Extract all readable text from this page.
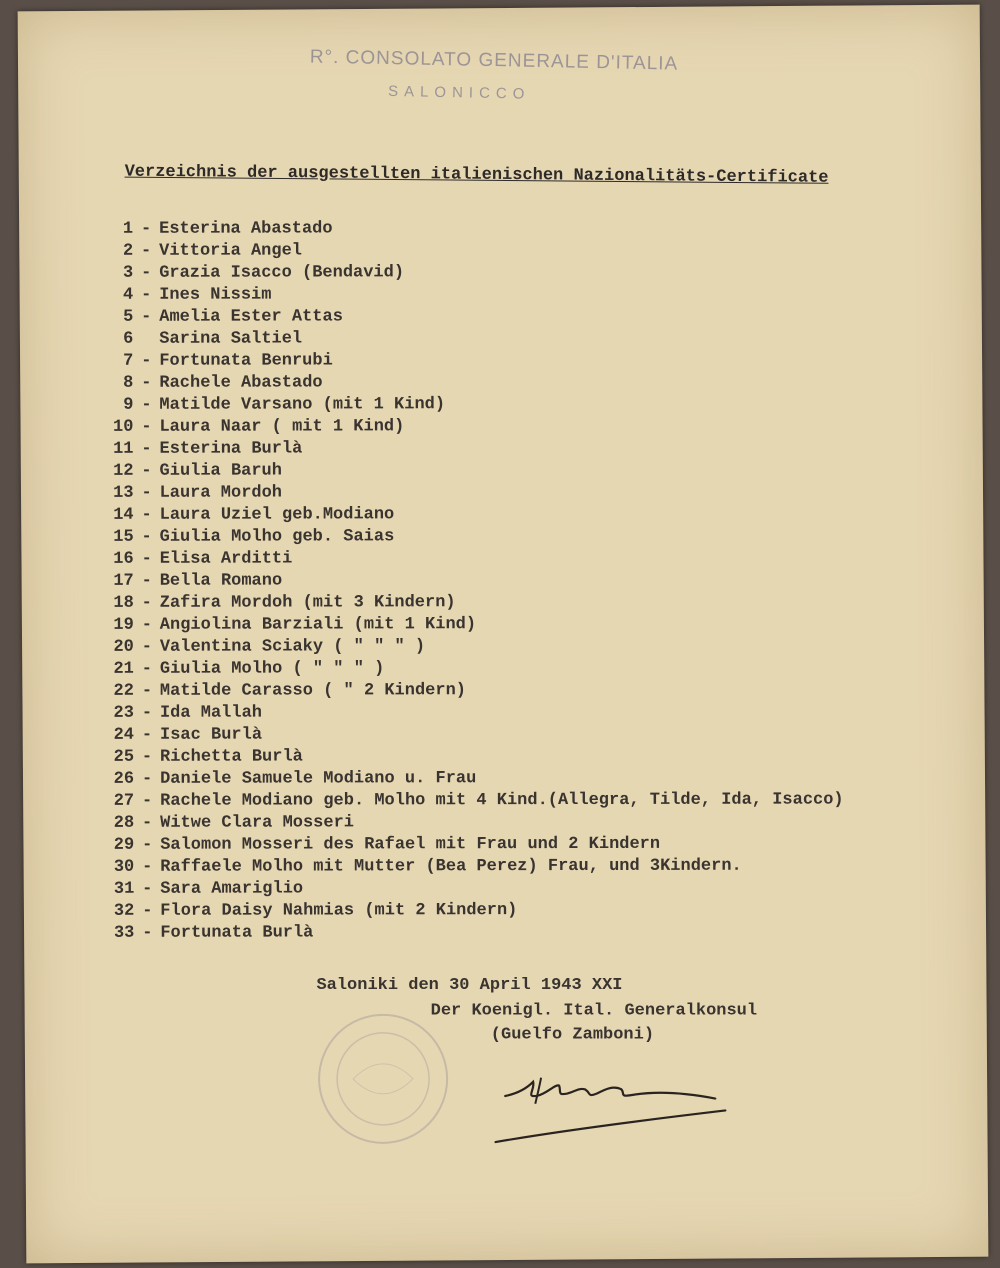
R°. CONSOLATO GENERALE D'ITALIA
SALONICCO
Verzeichnis der ausgestellten italienischen Nazionalitäts-Certificate
1 - Esterina Abastado
2 - Vittoria Angel
3 - Grazia Isacco (Bendavid)
4 - Ines Nissim
5 - Amelia Ester Attas
6 Sarina Saltiel
7 - Fortunata Benrubi
8 - Rachele Abastado
9 - Matilde Varsano (mit 1 Kind)
10 - Laura Naar ( mit 1 Kind)
11 - Esterina Burlà
12 - Giulia Baruh
13 - Laura Mordoh
14 - Laura Uziel geb.Modiano
15 - Giulia Molho geb. Saias
16 - Elisa Arditti
17 - Bella Romano
18 - Zafira Mordoh (mit 3 Kindern)
19 - Angiolina Barziali (mit 1 Kind)
20 - Valentina Sciaky ( " " " )
21 - Giulia Molho ( " " " )
22 - Matilde Carasso ( " 2 Kindern)
23 - Ida Mallah
24 - Isac Burlà
25 - Richetta Burlà
26 - Daniele Samuele Modiano u. Frau
27 - Rachele Modiano geb. Molho mit 4 Kind.(Allegra, Tilde, Ida, Isacco)
28 - Witwe Clara Mosseri
29 - Salomon Mosseri des Rafael mit Frau und 2 Kindern
30 - Raffaele Molho mit Mutter (Bea Perez) Frau, und 3Kindern.
31 - Sara Amariglio
32 - Flora Daisy Nahmias (mit 2 Kindern)
33 - Fortunata Burlà
Saloniki den 30 April 1943 XXI
Der Koenigl. Ital. Generalkonsul
(Guelfo Zamboni)
